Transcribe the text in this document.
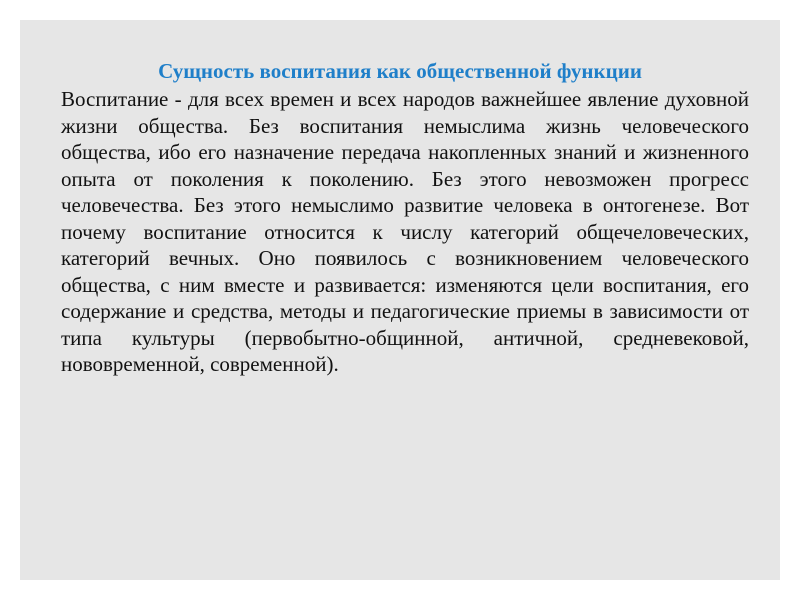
Сущность воспитания как общественной функции

Воспитание - для всех времен и всех народов важнейшее явление духовной жизни общества. Без воспитания немыслима жизнь человеческого общества, ибо его назначение передача накопленных знаний и жизненного опыта от поколения к поколению. Без этого невозможен прогресс человечества. Без этого немыслимо развитие человека в онтогенезе. Вот почему воспитание относится к числу категорий общечеловеческих, категорий вечных. Оно появилось с возникновением человеческого общества, с ним вместе и развивается: изменяются цели воспитания, его содержание и средства, методы и педагогические приемы в зависимости от типа культуры (первобытно-общинной, античной, средневековой, нововременной, современной).
